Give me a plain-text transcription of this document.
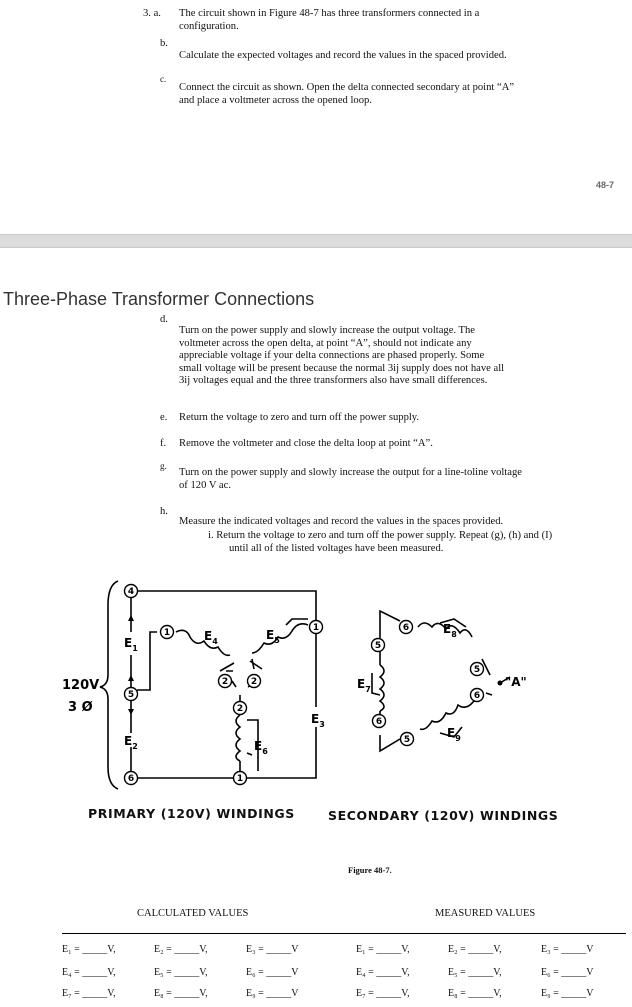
3. a. The circuit shown in Figure 48-7 has three transformers connected in a
configuration.
b.
Calculate the expected voltages and record the values in the spaced provided.
c.
Connect the circuit as shown. Open the delta connected secondary at point “A”
and place a voltmeter across the opened loop.
48-7
Three-Phase Transformer Connections
d.
Turn on the power supply and slowly increase the output voltage. The
voltmeter across the open delta, at point “A”, should not indicate any
appreciable voltage if your delta connections are phased properly. Some
small voltage will be present because the normal 3ij supply does not have all
3ij voltages equal and the three transformers also have small differences.
e. Return the voltage to zero and turn off the power supply.
f. Remove the voltmeter and close the delta loop at point “A”.
g.
Turn on the power supply and slowly increase the output for a line-toline voltage
of 120 V ac.
h.
Measure the indicated voltages and record the values in the spaces provided.
i. Return the voltage to zero and turn off the power supply. Repeat (g), (h) and (I)
until all of the listed voltages have been measured.
4
5
6
1	1
2	2
2
1
5
6
6
5
6
5
$E_1$
$E_2$
$E_3$
$E_4$	$E_5$
$E_6$
$E_7$
$E_8$
$E_9$
"A"
120V
3 Ø
PRIMARY (120V) WINDINGS	SECONDARY (120V) WINDINGS
Figure 48-7.
CALCULATED VALUES	MEASURED VALUES
E₁ = _____V,	E₂ = _____V,	E₃ = _____V	E₁ = _____V,	E₂ = _____V,	E₃ = _____V
E₄ = _____V,	E₅ = _____V,	E₆ = _____V	E₄ = _____V,	E₅ = _____V,	E₆ = _____V
E₇ = _____V,	E₈ = _____V,	E₉ = _____V	E₇ = _____V,	E₈ = _____V,	E₉ = _____V
